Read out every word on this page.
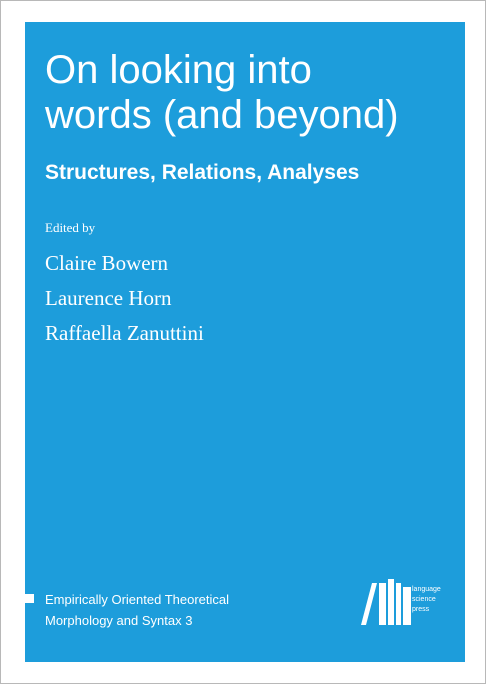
On looking into
words (and beyond)
Structures, Relations, Analyses
Edited by
Claire Bowern
Laurence Horn
Raffaella Zanuttini
Empirically Oriented Theoretical
Morphology and Syntax 3
language
science
press
